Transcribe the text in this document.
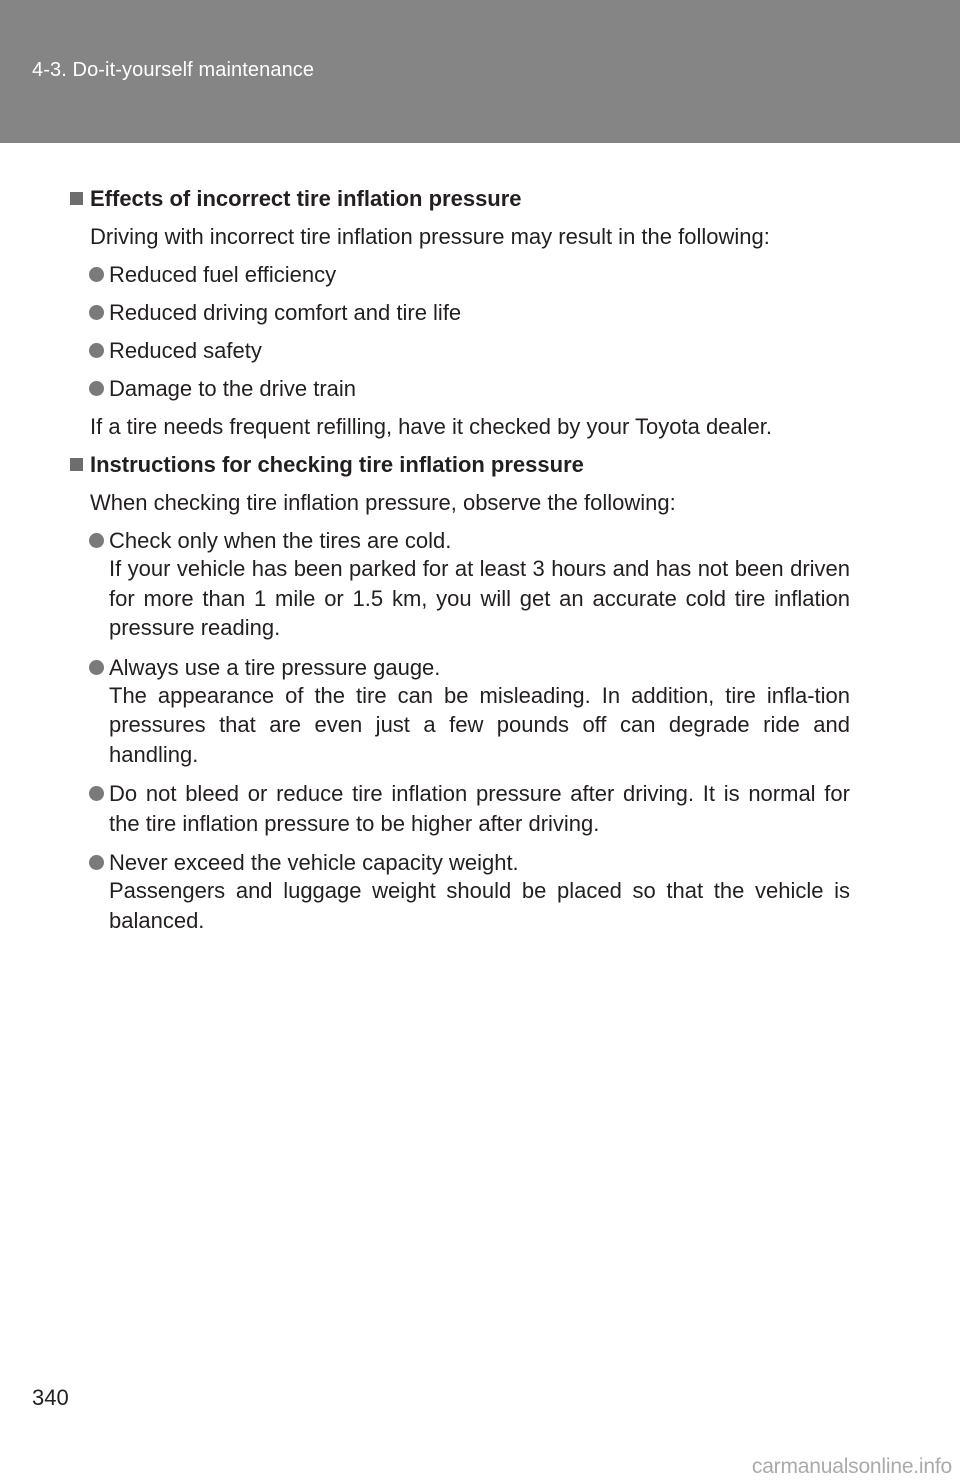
4-3. Do-it-yourself maintenance
Effects of incorrect tire inflation pressure
Driving with incorrect tire inflation pressure may result in the following:
Reduced fuel efficiency
Reduced driving comfort and tire life
Reduced safety
Damage to the drive train
If a tire needs frequent refilling, have it checked by your Toyota dealer.
Instructions for checking tire inflation pressure
When checking tire inflation pressure, observe the following:
Check only when the tires are cold.
If your vehicle has been parked for at least 3 hours and has not been driven for more than 1 mile or 1.5 km, you will get an accurate cold tire inflation pressure reading.
Always use a tire pressure gauge.
The appearance of the tire can be misleading. In addition, tire infla-tion pressures that are even just a few pounds off can degrade ride and handling.
Do not bleed or reduce tire inflation pressure after driving. It is normal for the tire inflation pressure to be higher after driving.
Never exceed the vehicle capacity weight.
Passengers and luggage weight should be placed so that the vehicle is balanced.
340
carmanualsonline.info
